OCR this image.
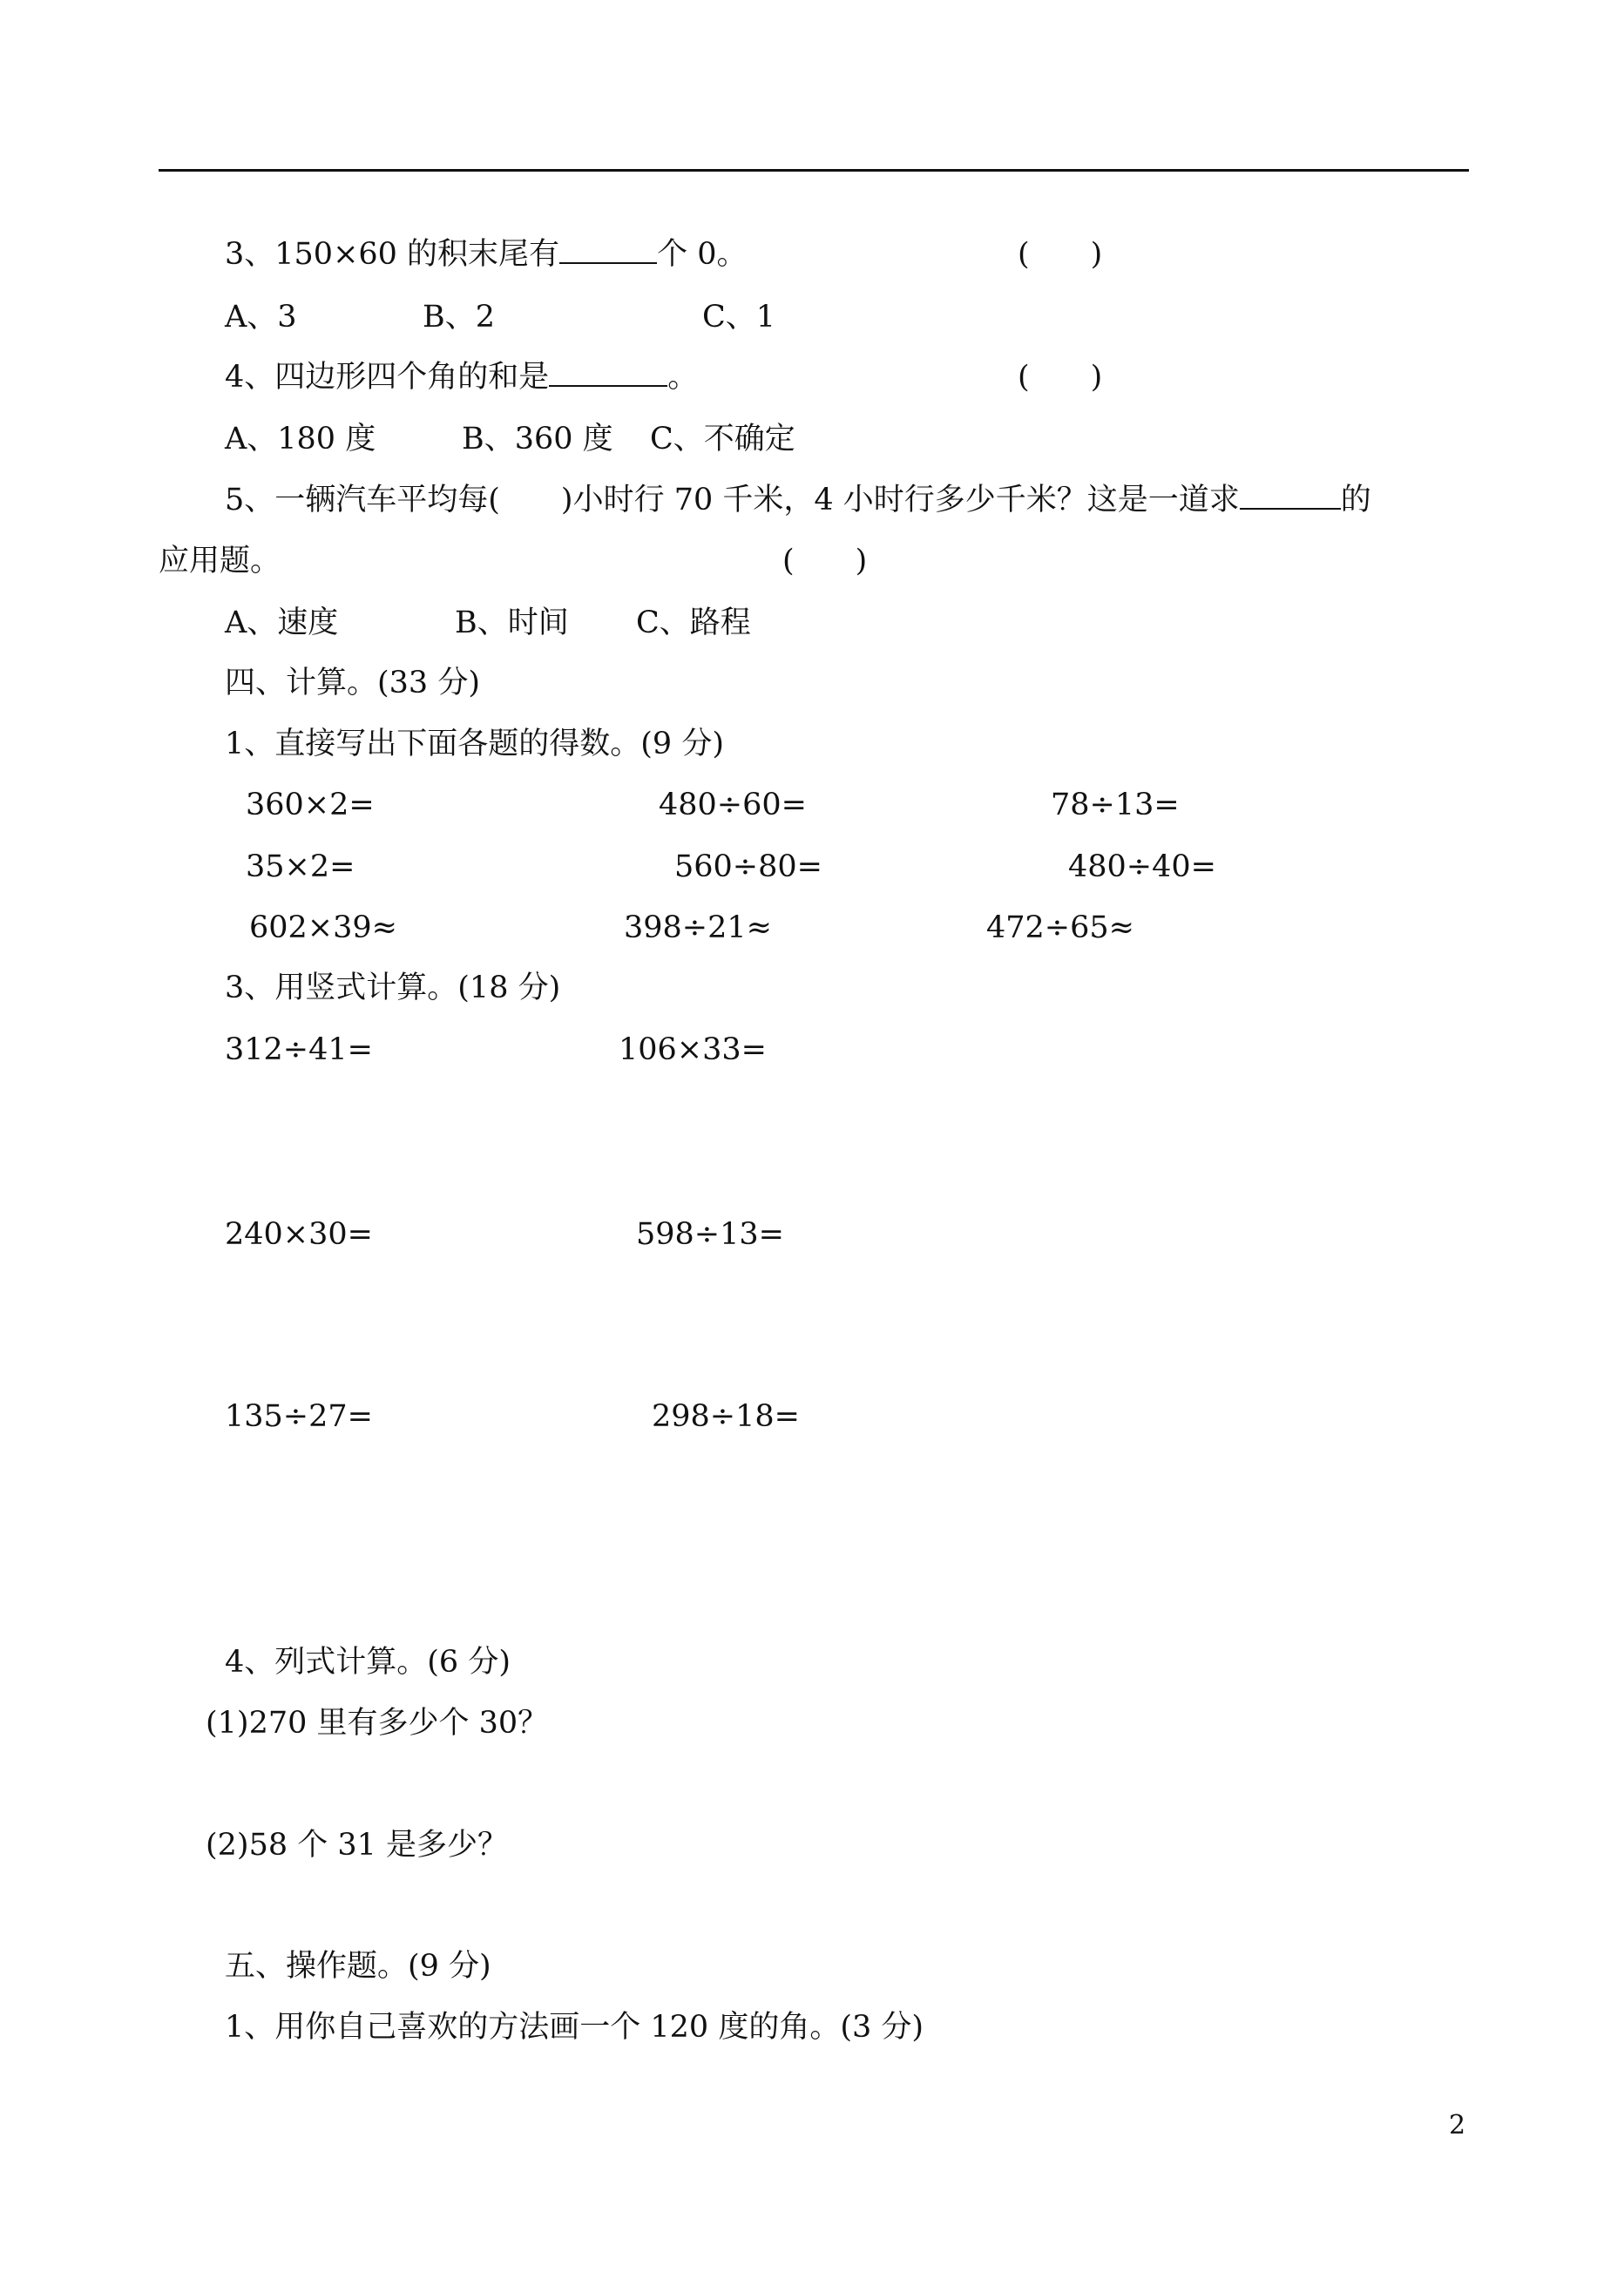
3、150×60 的积末尾有	个 0。	(　　)
A、3	B、2	C、1
4、四边形四个角的和是	。	(　　)
A、180 度	B、360 度 C、不确定
5、一辆汽车平均每(　　)小时行 70 千米，4 小时行多少千米？这是一道求	的
应用题。	(　　)
A、速度	B、时间 C、路程
四、计算。(33 分)
1、直接写出下面各题的得数。(9 分)
360×2=	480÷60=	78÷13=
35×2=	560÷80=	480÷40=
602×39≈	398÷21≈	472÷65≈
3、用竖式计算。(18 分)
312÷41=	106×33=
240×30=	598÷13=
135÷27=	298÷18=
4、列式计算。(6 分)
(1)270 里有多少个 30？
(2)58 个 31 是多少？
五、操作题。(9 分)
1、用你自己喜欢的方法画一个 120 度的角。(3 分)
2
